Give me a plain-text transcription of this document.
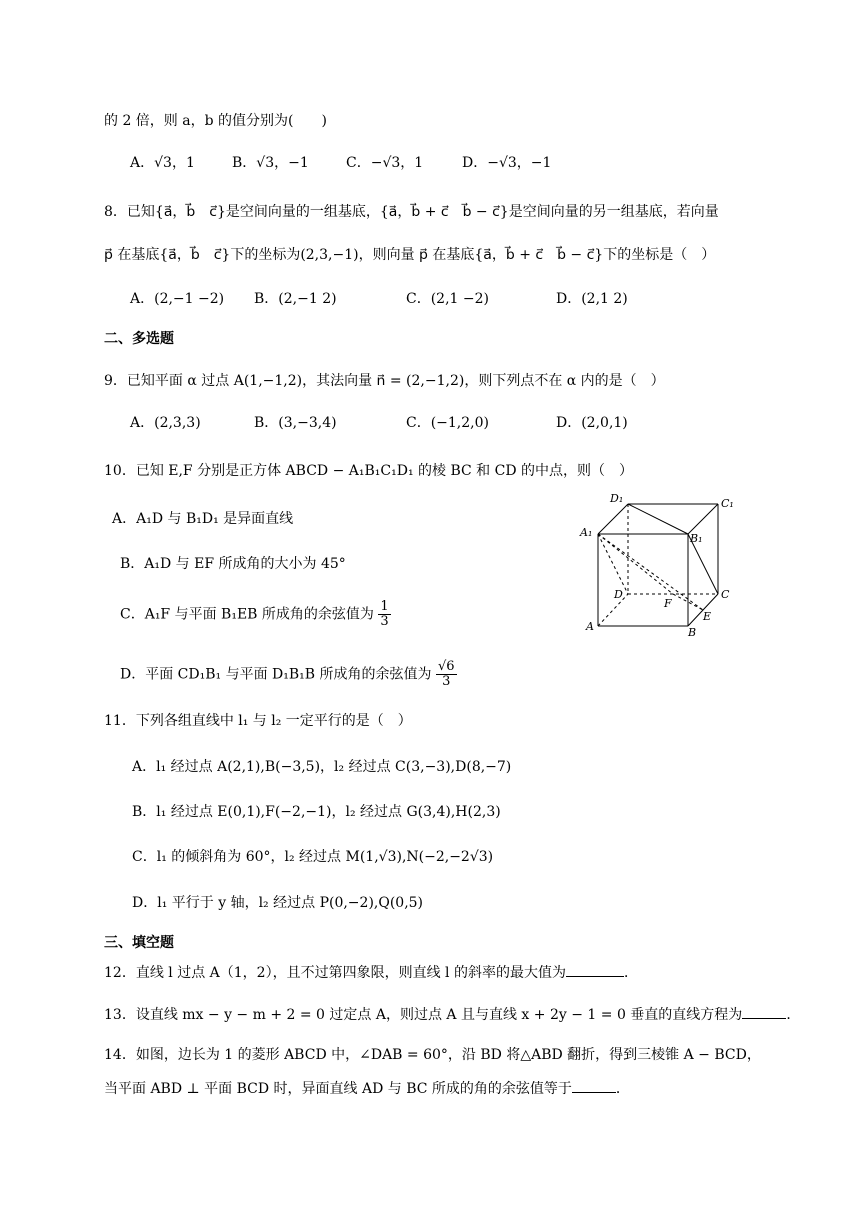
的 2 倍，则 a，b 的值分别为(　　)
A．√3，1	B．√3，−1	C．−√3，1	D．−√3，−1
8．已知{a⃗，b⃗　c⃗}是空间向量的一组基底，{a⃗，b⃗ + c⃗　b⃗ − c⃗}是空间向量的另一组基底，若向量
p⃗ 在基底{a⃗，b⃗　c⃗}下的坐标为(2,3,−1)，则向量 p⃗ 在基底{a⃗，b⃗ + c⃗　b⃗ − c⃗}下的坐标是（　）
A．(2,−1 −2) B．(2,−1 2)	C．(2,1 −2)	D．(2,1 2)
二、多选题
9．已知平面 α 过点 A(1,−1,2)，其法向量 n⃗ = (2,−1,2)，则下列点不在 α 内的是（　）
A．(2,3,3)	B．(3,−3,4)	C．(−1,2,0)	D．(2,0,1)
10．已知 E,F 分别是正方体 ABCD − A₁B₁C₁D₁ 的棱 BC 和 CD 的中点，则（　）
A．A₁D 与 B₁D₁ 是异面直线
B．A₁D 与 EF 所成角的大小为 45°
C．A₁F 与平面 B₁EB 所成角的余弦值为 $\frac{1}{3}$
D．平面 CD₁B₁ 与平面 D₁B₁B 所成角的余弦值为 $\frac{√6}{3}$
D₁	C₁
A₁	B₁
D	C
F
E
A	B
11．下列各组直线中 l₁ 与 l₂ 一定平行的是（　）
A．l₁ 经过点 A(2,1),B(−3,5)，l₂ 经过点 C(3,−3),D(8,−7)
B．l₁ 经过点 E(0,1),F(−2,−1)，l₂ 经过点 G(3,4),H(2,3)
C．l₁ 的倾斜角为 60°，l₂ 经过点 M(1,√3),N(−2,−2√3)
D．l₁ 平行于 y 轴，l₂ 经过点 P(0,−2),Q(0,5)
三、填空题
12．直线 l 过点 A（1，2），且不过第四象限，则直线 l 的斜率的最大值为	．
13．设直线 mx − y − m + 2 = 0 过定点 A，则过点 A 且与直线 x + 2y − 1 = 0 垂直的直线方程为	．
14．如图，边长为 1 的菱形 ABCD 中，∠DAB = 60°，沿 BD 将△ABD 翻折，得到三棱锥 A − BCD，
当平面 ABD ⊥ 平面 BCD 时，异面直线 AD 与 BC 所成的角的余弦值等于	．
